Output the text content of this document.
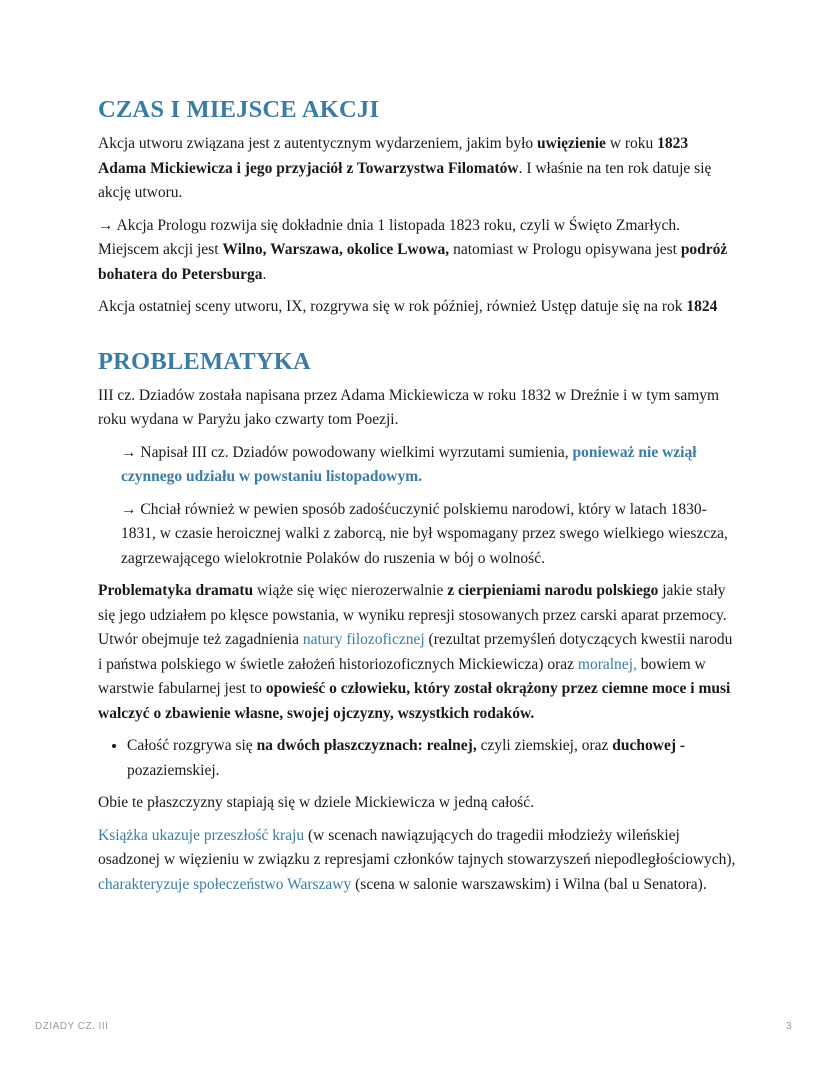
CZAS I MIEJSCE AKCJI

Akcja utworu związana jest z autentycznym wydarzeniem, jakim było uwięzienie w roku 1823 Adama Mickiewicza i jego przyjaciół z Towarzystwa Filomatów. I właśnie na ten rok datuje się akcję utworu.

→ Akcja Prologu rozwija się dokładnie dnia 1 listopada 1823 roku, czyli w Święto Zmarłych. Miejscem akcji jest Wilno, Warszawa, okolice Lwowa, natomiast w Prologu opisywana jest podróż bohatera do Petersburga.

Akcja ostatniej sceny utworu, IX, rozgrywa się w rok później, również Ustęp datuje się na rok 1824

PROBLEMATYKA

III cz. Dziadów została napisana przez Adama Mickiewicza w roku 1832 w Dreźnie i w tym samym roku wydana w Paryżu jako czwarty tom Poezji.

→ Napisał III cz. Dziadów powodowany wielkimi wyrzutami sumienia, ponieważ nie wziął czynnego udziału w powstaniu listopadowym.

→ Chciał również w pewien sposób zadośćuczynić polskiemu narodowi, który w latach 1830-1831, w czasie heroicznej walki z zaborcą, nie był wspomagany przez swego wielkiego wieszcza, zagrzewającego wielokrotnie Polaków do ruszenia w bój o wolność.

Problematyka dramatu wiąże się więc nierozerwalnie z cierpieniami narodu polskiego jakie stały się jego udziałem po klęsce powstania, w wyniku represji stosowanych przez carski aparat przemocy. Utwór obejmuje też zagadnienia natury filozoficznej (rezultat przemyśleń dotyczących kwestii narodu i państwa polskiego w świetle założeń historiozoficznych Mickiewicza) oraz moralnej, bowiem w warstwie fabularnej jest to opowieść o człowieku, który został okrążony przez ciemne moce i musi walczyć o zbawienie własne, swojej ojczyzny, wszystkich rodaków.

• Całość rozgrywa się na dwóch płaszczyznach: realnej, czyli ziemskiej, oraz duchowej - pozaziemskiej.

Obie te płaszczyzny stapiają się w dziele Mickiewicza w jedną całość.

Książka ukazuje przeszłość kraju (w scenach nawiązujących do tragedii młodzieży wileńskiej osadzonej w więzieniu w związku z represjami członków tajnych stowarzyszeń niepodległościowych), charakteryzuje społeczeństwo Warszawy (scena w salonie warszawskim) i Wilna (bal u Senatora).

DZIADY CZ. III	3
